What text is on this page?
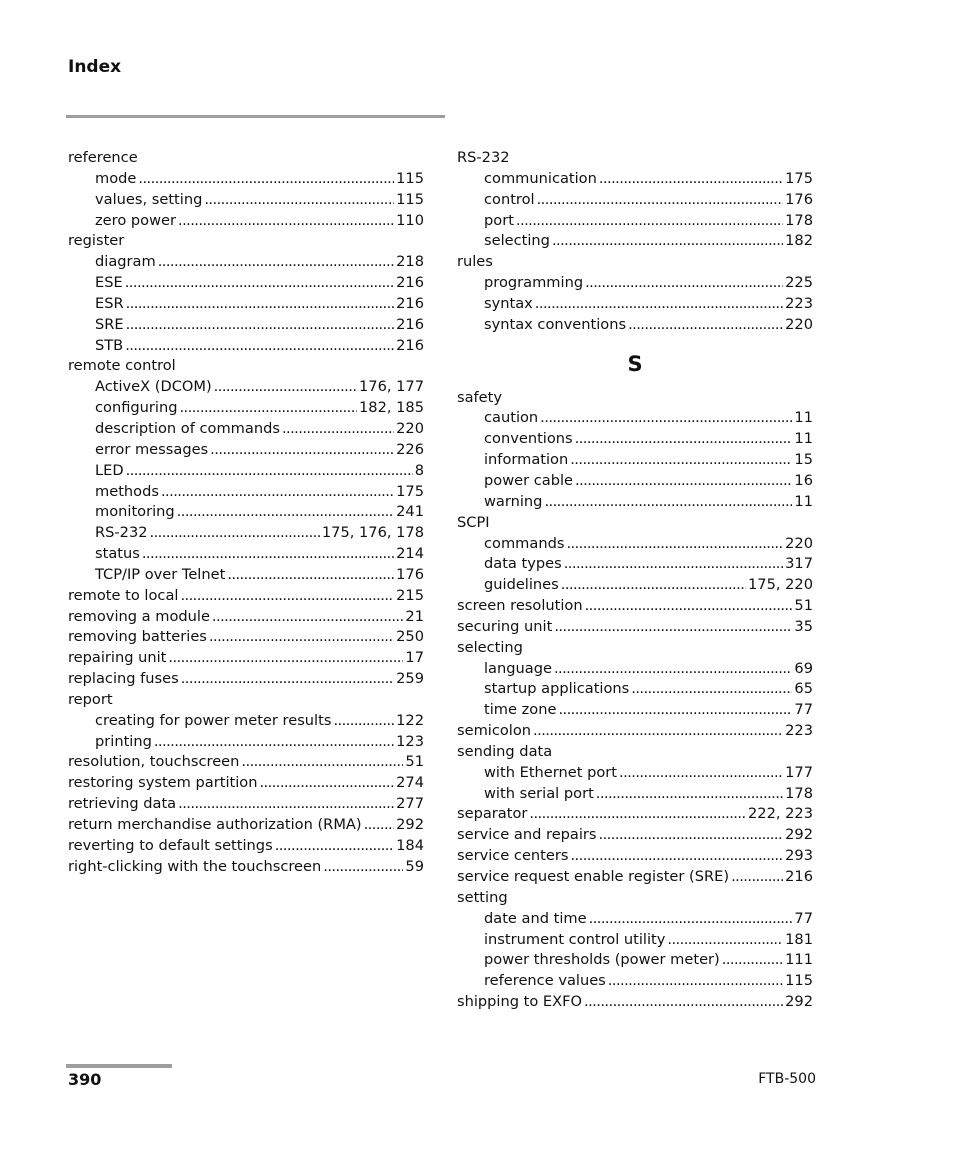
Index
reference
mode . . .	115
values, setting . . .	115
zero power . . .	110
register
diagram . . .	218
ESE . . .	216
ESR . . .	216
SRE . . .	216
STB . . .	216
remote control
ActiveX (DCOM) . . .	176, 177
configuring . . .	182, 185
description of commands . . .	220
error messages . . .	226
LED . . .	8
methods . . .	175
monitoring . . .	241
RS-232 . . .	175, 176, 178
status . . .	214
TCP/IP over Telnet . . .	176
remote to local . . .	215
removing a module . . .	21
removing batteries . . .	250
repairing unit . . .	17
replacing fuses . . .	259
report
creating for power meter results . . .	122
printing . . .	123
resolution, touchscreen . . .	51
restoring system partition . . .	274
retrieving data . . .	277
return merchandise authorization (RMA) . . . 292
reverting to default settings . . .	184
right-clicking with the touchscreen . . .	59
RS-232
communication . . .	175
control . . .	176
port . . .	178
selecting . . .	182
rules
programming . . .	225
syntax . . .	223
syntax conventions . . .	220
S
safety
caution . . .	11
conventions . . .	11
information . . .	15
power cable . . .	16
warning . . .	11
SCPI
commands . . .	220
data types . . .	317
guidelines . . .	175, 220
screen resolution . . .	51
securing unit . . .	35
selecting
language . . .	69
startup applications . . .	65
time zone . . .	77
semicolon . . .	223
sending data
with Ethernet port . . .	177
with serial port . . .	178
separator . . .	222, 223
service and repairs . . .	292
service centers . . .	293
service request enable register (SRE) . . .	216
setting
date and time . . .	77
instrument control utility . . .	181
power thresholds (power meter) . . .	111
reference values . . .	115
shipping to EXFO . . .	292
390	FTB-500
